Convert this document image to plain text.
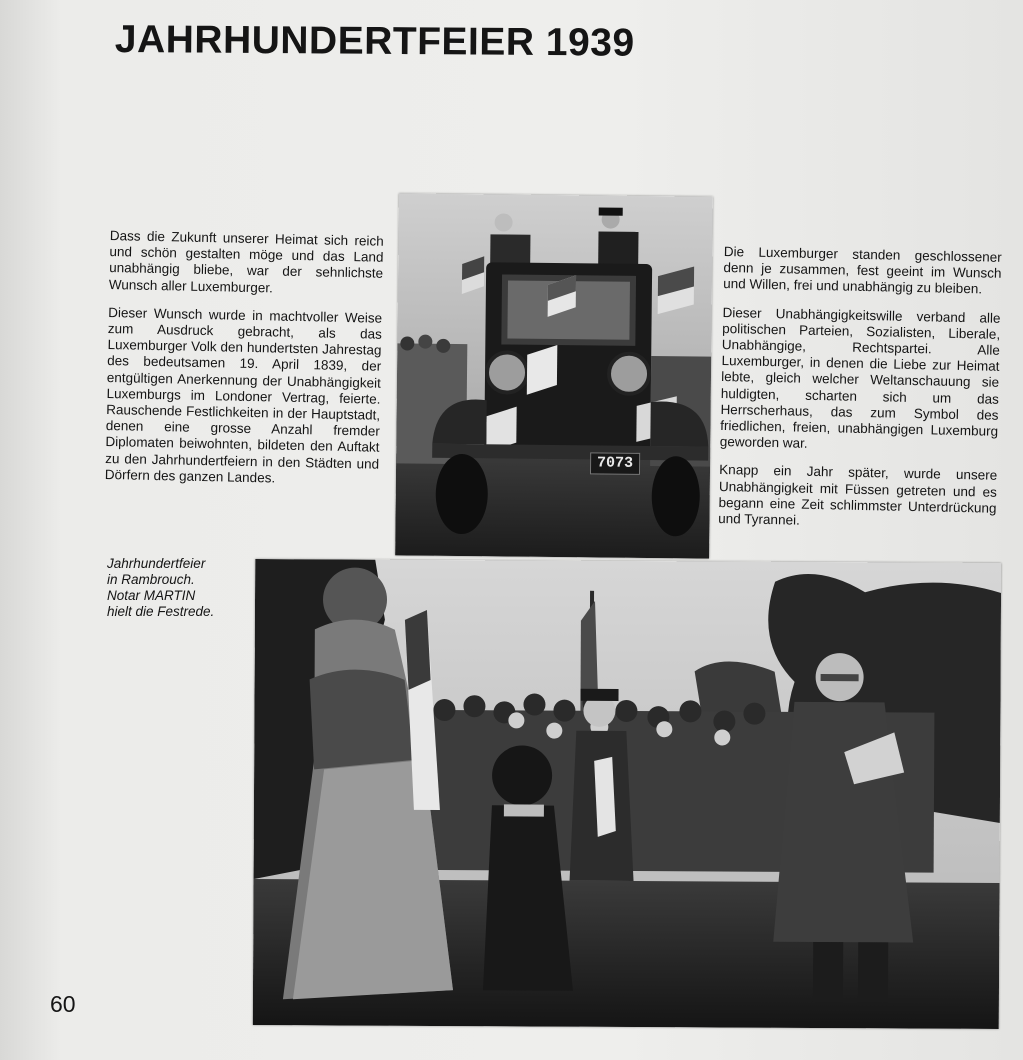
JAHRHUNDERTFEIER 1939

Dass die Zukunft unserer Heimat sich reich und schön gestalten möge und das Land unabhängig bliebe, war der sehnlichste Wunsch aller Luxemburger.

Dieser Wunsch wurde in machtvoller Weise zum Ausdruck gebracht, als das Luxemburger Volk den hundertsten Jahrestag des bedeutsamen 19. April 1839, der entgültigen Anerkennung der Unabhängigkeit Luxemburgs im Londoner Vertrag, feierte. Rauschende Festlichkeiten in der Hauptstadt, denen eine grosse Anzahl fremder Diplomaten beiwohnten, bildeten den Auftakt zu den Jahrhundertfeiern in den Städten und Dörfern des ganzen Landes.

Die Luxemburger standen geschlossener denn je zusammen, fest geeint im Wunsch und Willen, frei und unabhängig zu bleiben.

Dieser Unabhängigkeitswille verband alle politischen Parteien, Sozialisten, Liberale, Unabhängige, Rechtspartei. Alle Luxemburger, in denen die Liebe zur Heimat lebte, gleich welcher Weltanschauung sie huldigten, scharten sich um das Herrscherhaus, das zum Symbol des friedlichen, freien, unabhängigen Luxemburg geworden war.

Knapp ein Jahr später, wurde unsere Unabhängigkeit mit Füssen getreten und es begann eine Zeit schlimmster Unterdrückung und Tyrannei.

7073
Jahrhundertfeier
in Rambrouch.
Notar MARTIN
hielt die Festrede.
60
